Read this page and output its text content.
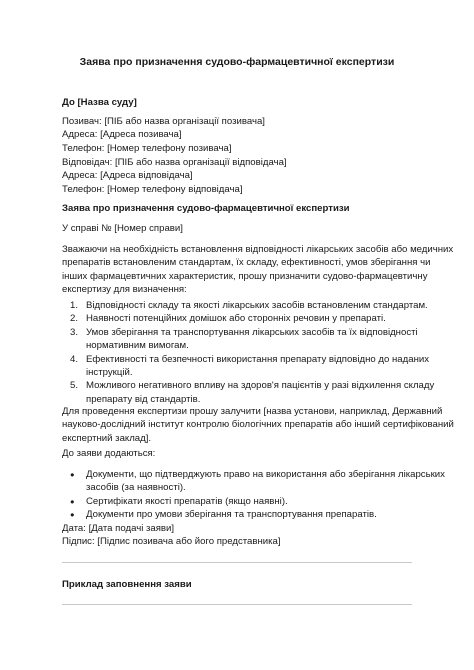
Заява про призначення судово-фармацевтичної експертизи
До [Назва суду]
Позивач: [ПІБ або назва організації позивача]
Адреса: [Адреса позивача]
Телефон: [Номер телефону позивача]
Відповідач: [ПІБ або назва організації відповідача]
Адреса: [Адреса відповідача]
Телефон: [Номер телефону відповідача]
Заява про призначення судово-фармацевтичної експертизи
У справі № [Номер справи]
Зважаючи на необхідність встановлення відповідності лікарських засобів або медичних
препаратів встановленим стандартам, їх складу, ефективності, умов зберігання чи
інших фармацевтичних характеристик, прошу призначити судово-фармацевтичну
експертизу для визначення:
1. Відповідності складу та якості лікарських засобів встановленим стандартам.
2. Наявності потенційних домішок або сторонніх речовин у препараті.
3. Умов зберігання та транспортування лікарських засобів та їх відповідності
нормативним вимогам.
4. Ефективності та безпечності використання препарату відповідно до наданих
інструкцій.
5. Можливого негативного впливу на здоров'я пацієнтів у разі відхилення складу
препарату від стандартів.
Для проведення експертизи прошу залучити [назва установи, наприклад, Державний
науково-дослідний інститут контролю біологічних препаратів або інший сертифікований
експертний заклад].
До заяви додаються:
● Документи, що підтверджують право на використання або зберігання лікарських
засобів (за наявності).
● Сертифікати якості препаратів (якщо наявні).
● Документи про умови зберігання та транспортування препаратів.
Дата: [Дата подачі заяви]
Підпис: [Підпис позивача або його представника]
Приклад заповнення заяви
